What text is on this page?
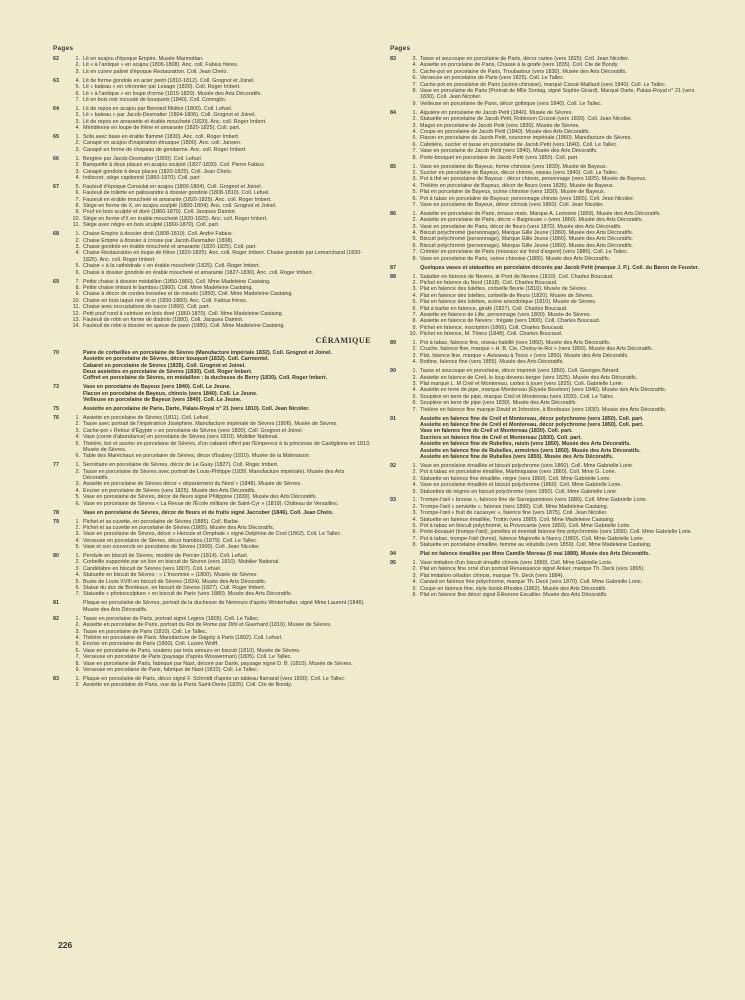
Pages
62	1. Lit en acajou d'époque Empire. Musée Marmottan.
2. Lit « à l'antique » en acajou (1806-1808). Anc. coll. Fabius frères.
3. Lit en cuivre patiné d'époque Restauration. Coll. Jean Chelo.
63	4. Lit de forme gondole en acier peint (1810-1812). Coll. Grognot et Joinel.
5. Lit « bateau » en citronnier par Lesage (1830). Coll. Roger Imbert.
6. Lit « à l'antique » en loupe d'orme (1815-1820). Musée des Arts Décoratifs.
7. Lit en bois noir incrusté de bouquets (1840). Coll. Comoglio.
64	1. Lit de repos en acajou par Bernard Molitor (1800). Coll. Lefuel.
2. Lit « bateau » par Jacob-Desmalter (1804-1806). Coll. Grognot et Joinel.
3. Lit de repos en amarante et érable moucheté (1820). Anc. coll. Roger Imbert.
4. Méridienne en loupe de frêne et amarante (1820-1825). Coll. part.
65	1. Sofa avec base en érable flammé (1830). Anc. coll. Roger Imbert.
2. Canapé en acajou d'inspiration étrusque (1800). Anc. coll. Jansen.
3. Canapé en forme de chapeau de gendarme. Anc. coll. Roger Imbert.
66	1. Bergère par Jacob-Desmalter (1800). Coll. Lefuel.
2. Banquette à deux places en acajou sculpté (1827-1830). Coll. Pierre Fabius.
3. Canapé gondole à deux places (1820-1825). Coll. Jean Chelo.
4. Indiscret, siège capitonné (1860-1870). Coll. part.
67	5. Fauteuil d'époque Consulat en acajou (1800-1804). Coll. Grognot et Joinel.
6. Fauteuil de toilette en palissandre à dossier gondole (1808-1810). Coll. Lefuel.
7. Fauteuil en érable moucheté et amarante (1820-1825). Anc. coll. Roger Imbert.
8. Siège en forme de X, en acajou sculpté (1800-1804). Anc. coll. Grognot et Joinel.
9. Pouf en bois sculpté et doré (1860-1870). Coll. Jacques Damiot.
10. Siège en forme d'X en érable moucheté (1820-1825). Anc. coll. Roger Imbert.
11. Siège avec nègre en bois sculpté (1860-1870). Coll. part.
68	1. Chaise Empire à dossier droit (1808-1810). Coll. André Fabius.
2. Chaise Empire à dossier à crosse par Jacob-Desmalter (1808).
3. Chaise gondole en érable moucheté et amarante (1820-1825). Coll. part.
4. Chaise Restauration en loupe de frêne (1820-1825). Anc. coll. Roger Imbert. Chaise gondole par Lemarchand (1820-1825). Anc. coll. Roger Imbert.
5. Chaise « à la cathédrale » en érable moucheté (1825). Coll. Roger Imbert.
6. Chaise à dossier gondole en érable moucheté et amarante (1827-1830). Anc. coll. Roger Imbert.
69	7. Petite chaise à dossier médaillon (1850-1860). Coll. Mme Madeleine Castaing.
8. Petite chaise imitant le bambou (1860). Coll. Mme Madeleine Castaing.
9. Chaise à décor de cordes tressées et de nœuds (1850). Coll. Mme Madeleine Castaing.
10. Chaise en bois laqué noir et or (1850-1860). Anc. Coll. Fabius frères.
11. Chaise avec incrustations de nacre (1860). Coll. part.
12. Petit pouf rond à ceinture en bois doré (1860-1870). Coll. Mme Madeleine Castaing.
13. Fauteuil de rotin en forme de diabolo (1880). Coll. Jacques Damiot.
14. Fauteuil de rotin à dossier en queue de paon (1880). Coll. Mme Madeleine Castaing.
CÉRAMIQUE
70	Paire de corbeilles en porcelaine de Sèvres (Manufacture impériale 1832). Coll. Grognot et Joinel.
Assiette en porcelaine de Sèvres, décor bouquet (1832). Coll. Carmontel.
Cabaret en porcelaine de Sèvres (1835). Coll. Grognot et Joinel.
Deux assiettes en porcelaine de Sèvres (1830). Coll. Roger Imbert.
Coffret en porcelaine de Sèvres, en médaillon : la duchesse de Berry (1830). Coll. Roger Imbert.
73	Vase en porcelaine de Bayeux (vers 1840). Coll. Le Jeune.
Flacon en porcelaine de Bayeux, chinois (vers 1840). Coll. Le Jeune.
Veilleuse en porcelaine de Bayeux (vers 1840). Coll. Le Jeune.
75	Assiette en porcelaine de Paris, Darte, Palais-Royal n° 21 (vers 1810). Coll. Jean Nicolier.
76	1. Assiette en porcelaine de Sèvres (1811). Coll. Lefuel.
2. Tasse avec portrait de l'impératrice Joséphine. Manufacture impériale de Sèvres (1806). Musée de Sèvres.
3. Cache-pot « Retour d'Égypte » en porcelaine de Sèvres (vers 1800). Coll. Grognot et Joinel.
4. Vase (corne d'abondance) en porcelaine de Sèvres (vers 1810). Mobilier National.
5. Théière, bol et sucrier en porcelaine de Sèvres, d'un cabaret offert par l'Empereur à la princesse de Castiglione en 1813. Musée de Sèvres.
6. Table des Maréchaux en porcelaine de Sèvres, décor d'Isabey (1810). Musée de la Malmaison.
77	1. Secrétaire en porcelaine de Sèvres, décor de Le Guay (1827). Coll. Roger Imbert.
2. Tasse en porcelaine de Sèvres avec portrait de Louis-Philippe (1839, Manufacture impériale). Musée des Arts Décoratifs.
3. Assiette en porcelaine de Sèvres décor « département du Nord » (1848). Musée de Sèvres.
4. Encrier en porcelaine de Sèvres (vers 1825). Musée des Arts Décoratifs.
5. Vase en porcelaine de Sèvres, décor de fleurs signé Philippine (1830). Musée des Arts Décoratifs.
6. Vase en porcelaine de Sèvres « La Revue de l'École militaire de Saint-Cyr » (1819). Château de Versailles.
78	Vase en porcelaine de Sèvres, décor de fleurs et de fruits signé Jaccober (1846). Coll. Jean Chelo.
79	1. Pichet et sa cuvette, en porcelaine de Sèvres (1885). Coll. Barbe.
2. Pichet et sa cuvette en porcelaine de Sèvres (1865). Musée des Arts Décoratifs.
3. Vase en porcelaine de Sèvres, décor « Hercule et Omphale » signé Delphine de Cool (1862). Coll. Le Tallec.
4. Verseuse en porcelaine de Sèvres, décor bambou (1879). Coll. Le Tallec.
5. Vase et son couvercle en porcelaine de Sèvres (1900). Coll. Jean Nicolier.
80	1. Pendule en biscuit de Sèvres, modèle de Percier (1814). Coll. Lefuel.
2. Corbeille supportée par un lion en biscuit de Sèvres (vers 1810). Mobilier National.
3. Candélabre en biscuit de Sèvres (vers 1807). Coll. Lefuel.
4. Statuette en biscuit de Sèvres : « L'Insomnie » (1800). Musée de Sèvres.
5. Buste de Louis XVIII en biscuit de Sèvres (1824). Musée des Arts Décoratifs.
6. Statue du duc de Bordeaux, en biscuit de Sèvres (1827). Coll. Roger Imbert.
7. Statuette « photosculpture » en biscuit de Paris (vers 1880). Musée des Arts Décoratifs.
81	Plaque en porcelaine de Sèvres, portrait de la duchesse de Nemours d'après Winterhalter, signé Mme Laurent (1846). Musée des Arts Décoratifs.
82	1. Tasse en porcelaine de Paris, portrait signé Legros (1805). Coll. Le Tallec.
2. Assiette en porcelaine de Paris, portrait du Roi de Rome par Dihl et Guerhard (1810). Musée de Sèvres.
3. Tasse en porcelaine de Paris (1810). Coll. Le Tallec.
4. Théière en porcelaine de Paris. Manufacture de Dagoty à Paris (1802). Coll. Lefuel.
5. Encrier en porcelaine de Paris (1800). Coll. Lucien Wolff.
6. Vase en porcelaine de Paris, soutenu par trois amours en biscuit (1810). Musée de Sèvres.
7. Verseuse en porcelaine de Paris (paysage d'après Wouwerman) (1805). Coll. Le Tallec.
8. Vase en porcelaine de Paris, fabriqué par Nast, décoré par Darte, paysage signé D. B. (1810). Musée de Sèvres.
9. Verseuse en porcelaine de Paris, fabrique de Nast (1810). Coll. Le Tallec.
83	1. Plaque en porcelaine de Paris, décor signé F. Schmidt d'après un tableau flamand (vers 1830). Coll. Le Tallec.
2. Assiette en porcelaine de Paris, vue de la Porte Saint-Denis (1825). Coll. Cte de Bondy.
Pages
83	3. Tasse et soucoupe en porcelaine de Paris, décor cartes (vers 1825). Coll. Jean Nicolier.
4. Assiette en porcelaine de Paris, Chasse à la girafe (vers 1835). Coll. Cte de Bondy.
5. Cache-pot en porcelaine de Paris, Troubadour (vers 1830). Musée des Arts Décoratifs.
6. Verseuse en porcelaine de Paris (vers 1825). Coll. Le Tallec.
7. Cache-pot en porcelaine de Paris (scène chinoise), marqué Cassé-Maillard (vers 1840). Coll. Le Tallec.
8. Vase en porcelaine de Paris (Portrait de Mlle Sontag, signé Sophie Girard). Marqué Darte, Palais-Royal n° 21 (vers 1830). Coll. Jean Nicolier.
9. Veilleuse en porcelaine de Paris, décor gothique (vers 1840). Coll. Le Tallec.
84	1. Aiguière en porcelaine de Jacob Petit (1840). Musée de Sèvres.
2. Statuette en porcelaine de Jacob Petit, Robinson Crusoé (vers 1830). Coll. Jean Nicolier.
3. Magot en porcelaine de Jacob Petit (vers 1830). Musée de Sèvres.
4. Coupe en porcelaine de Jacob Petit (1840). Musée des Arts Décoratifs.
5. Flacon en porcelaine de Jacob Petit, couronne impériale (1860). Manufacture de Sèvres.
6. Cafetière, sucrier et tasse en porcelaine de Jacob Petit (vers 1840). Coll. Le Tallec.
7. Vase en porcelaine de Jacob Petit (vers 1840). Musée des Arts Décoratifs.
8. Porte-bouquet en porcelaine de Jacob Petit (vers 1850). Coll. part.
85	1. Vase en porcelaine de Bayeux, forme chinoise (vers 1830). Musée de Bayeux.
2. Sucrier en porcelaine de Bayeux, décor chinois, oiseau (vers 1840). Coll. Le Tallec.
3. Pot à thé en porcelaine de Bayeux : décor chinois, personnage (vers 1825). Musée de Bayeux.
4. Théière en porcelaine de Bayeux, décor de fleurs (vers 1835). Musée de Bayeux.
5. Plat en porcelaine de Bayeux, scène chinoise (vers 1830). Musée de Bayeux.
6. Pot à tabac en porcelaine de Bayeux; personnage chinois (vers 1865). Coll. Jean Nicolier.
7. Vase en porcelaine de Bayeux, décor chinois (vers 1860). Coll. Jean Nicolier.
86	1. Assiette en porcelaine de Paris, émaux mats. Marque A. Lemoine (1869). Musée des Arts Décoratifs.
2. Assiette en porcelaine de Paris, décor « Baigneuse » (vers 1860). Musée des Arts Décoratifs.
3. Vase en porcelaine de Paris, décor de fleurs (vers 1870). Musée des Arts Décoratifs.
4. Biscuit polychromé (personnage), Marque Gille Jeune (1860). Musée des Arts Décoratifs.
5. Biscuit polychromé (personnage), Marque Gille Jeune (1860). Musée des Arts Décoratifs.
6. Biscuit polychromé (personnage), Marque Gille Jeune (1860). Musée des Arts Décoratifs.
7. Crémier en porcelaine de Paris (rinceaux sur fond d'argent) (vers 1880). Coll. Le Tallec.
8. Vase en porcelaine de Paris, scène chinoise (1880). Musée des Arts Décoratifs.
87	Quelques vases et statuettes en porcelaine décorés par Jacob Petit (marque J. P.). Coll. du Baron de Feuster.
88	1. Saladier en faïence de Nevers, le Pont de Nevers (1810). Coll. Charles Boucaud.
2. Pichet en faïence du Nord (1818). Coll. Charles Boucaud.
3. Plat en faïence des Islettes, corbeille fleurie (1810). Musée de Sèvres.
4. Plat en faïence des Islettes, corbeille de fleurs (1820). Musée de Sèvres.
5. Plat en faïence des Islettes, scène anecdotique (1810). Musée de Sèvres.
6. Plat à barbe en faïence, girafe (1827). Coll. Charles Boucaud.
7. Assiette en faïence de Lille, personnage (vers 1800). Musée de Sèvres.
8. Assiette en faïence de Nevers : frégate (vers 1800). Coll. Charles Boucaud.
9. Pichet en faïence, inscription (1866). Coll. Charles Boucaud.
10. Pichet en faïence, M. Thiers (1848). Coll. Charles Boucaud.
89	1. Pot à tabac, faïence fine, oiseau habillé (vers 1860). Musée des Arts Décoratifs.
2. Cruche, faïence fine, marque « H. B. Cie, Choisy-le-Roi » (vers 1850). Musée des Arts Décoratifs.
3. Plat, faïence fine, marque « Avisseau à Tours » (vers 1850). Musée des Arts Décoratifs.
4. Bottine, faïence fine (vers 1855). Musée des Arts Décoratifs.
90	1. Tasse et soucoupe en porcelaine, décor imprimé (vers 1850). Coll. Georges Bérard.
2. Assiette en faïence de Creil, le loup devenu berger (vers 1825). Musée des Arts Décoratifs.
3. Plat marqué L. M Creil et Montereau, cartes à jouer (vers 1825). Coll. Gabrielle Lorie.
4. Assiette en terre de pipe, marque Montereau (Élysée Bourbon) (vers 1840). Musée des Arts Décoratifs.
5. Soupière en terre de pipe, marque Creil et Montereau (vers 1830). Coll. Le Tallec.
6. Soupière en terre de pipe (vers 1830). Musée des Arts Décoratifs.
7. Théière en faïence fine marque David et Johnston, à Bordeaux (vers 1830). Musée des Arts Décoratifs.
91	Assiette en faïence fine de Creil et Montereau, décor polychrome (vers 1850). Coll. part.
Assiette en faïence fine de Creil et Montereau, décor polychrome (vers 1850). Coll. part.
Vase en faïence fine de Creil et Montereau (1830). Coll. part.
Sucriers en faïence fine de Creil et Montereau (1830). Coll. part.
Assiette en faïence fine de Rubelles, raisin (vers 1850). Musée des Arts Décoratifs.
Assiette en faïence fine de Rubelles, armoiries (vers 1850). Musée des Arts Décoratifs.
Assiette en faïence fine de Rubelles (vers 1850). Musée des Arts Décoratifs.
92	1. Vase en porcelaine émaillée et biscuit polychrome (vers 1860). Coll. Mme Gabrielle Lorie.
2. Pot à tabac en porcelaine émaillée, Martiniquaise (vers 1860). Coll. Mme G. Lorie.
3. Statuette en faïence fine émaillée, nègre (vers 1860). Coll. Mme Gabrielle Lorie.
4. Vase en porcelaine émaillée et biscuit polychrome (1860). Coll. Mme Gabrielle Lorie.
5. Statuettes de nègres en biscuit polychrome (vers 1850). Coll. Mme Gabrielle Lorie.
93	1. Trompe-l'œil « brosse », faïence fine de Sarreguemines (vers 1880). Coll. Mme Gabrielle Lorie.
2. Trompe-l'œil « serviette », faïence (vers 1890). Coll. Mme Madeleine Castaing.
3. Trompe-l'œil « fruit de cacaoyer », faïence fine (vers 1875). Coll. Jean Nicolier.
4. Statuette en faïence émaillée, Trottin (vers 1880). Coll. Mme Madeleine Castaing.
5. Pot à tabac en biscuit polychromé, la Provocante (vers 1860). Coll. Mme Gabrielle Lorie.
6. Porte-bouquet (trompe-l'œil), jumelles et éventail faïence fine polychromée (vers 1890). Coll. Mme Gabrielle Lorie.
7. Pot à tabac, trompe-l'œil (livres), faïence Majorelle à Nancy (1860). Coll. Mme Gabrielle Lorie.
8. Statuette en porcelaine émaillée, femme au volubilis (vers 1850). Coll. Mme Madeleine Castaing.
94	Plat en faïence émaillée par Mme Camille Moreau (6 mai 1889). Musée des Arts Décoratifs.
95	1. Vase imitation d'un biscuit émaillé chinois (vers 1860). Coll. Mme Gabrielle Lorie.
2. Plat en faïence fine orné d'un portrait Renaissance signé Anker, marque Th. Deck (vers 1865).
3. Plat imitation céladon chinois, marque Th. Deck (vers 1884).
4. Canard en faïence fine polychrome, marque Th. Deck (vers 1870). Coll. Mme Gabrielle Lorie.
5. Coupe en faïence fine, style Isnick-Rhodes (1862). Musée des Arts Décoratifs.
6. Plat en faïence fine décor signé Éléonore Escallier. Musée des Arts Décoratifs.
226
